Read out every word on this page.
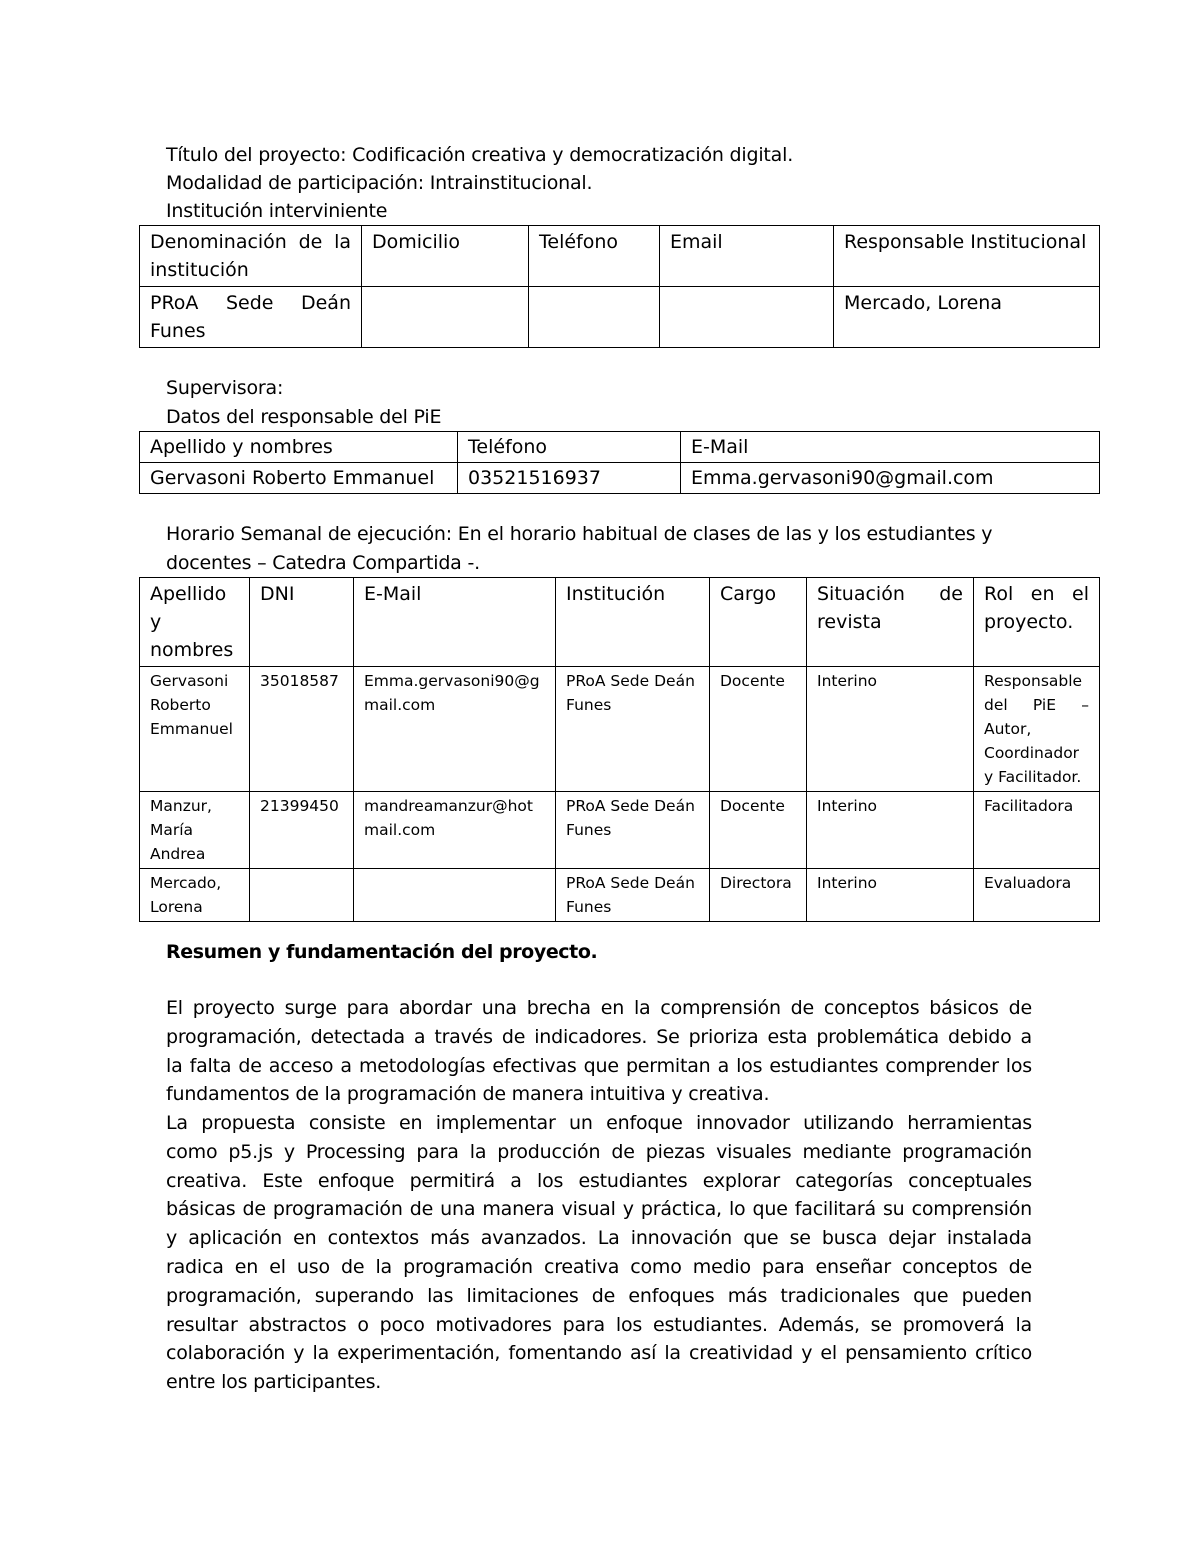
Título del proyecto: Codificación creativa y democratización digital.
Modalidad de participación: Intrainstitucional.
Institución interviniente
Denominación de la institución	Domicilio	Teléfono	Email	Responsable Institucional
PRoA Sede Deán Funes				Mercado, Lorena
Supervisora:
Datos del responsable del PiE
Apellido y nombres	Teléfono	E-Mail
Gervasoni Roberto Emmanuel	03521516937	Emma.gervasoni90@gmail.com
Horario Semanal de ejecución: En el horario habitual de clases de las y los estudiantes y
docentes – Catedra Compartida -.
Apellido y nombres	DNI	E-Mail	Institución	Cargo	Situación de revista	Rol en el proyecto.
Gervasoni Roberto Emmanuel	35018587	Emma.gervasoni90@gmail.com	PRoA Sede Deán Funes	Docente	Interino	Responsable del PiE – Autor, Coordinador y Facilitador.
Manzur, María Andrea	21399450	mandreamanzur@hotmail.com	PRoA Sede Deán Funes	Docente	Interino	Facilitadora
Mercado, Lorena			PRoA Sede Deán Funes	Directora	Interino	Evaluadora
Resumen y fundamentación del proyecto.
El proyecto surge para abordar una brecha en la comprensión de conceptos básicos de
programación, detectada a través de indicadores. Se prioriza esta problemática debido a
la falta de acceso a metodologías efectivas que permitan a los estudiantes comprender los
fundamentos de la programación de manera intuitiva y creativa.
La propuesta consiste en implementar un enfoque innovador utilizando herramientas
como p5.js y Processing para la producción de piezas visuales mediante programación
creativa. Este enfoque permitirá a los estudiantes explorar categorías conceptuales
básicas de programación de una manera visual y práctica, lo que facilitará su comprensión
y aplicación en contextos más avanzados. La innovación que se busca dejar instalada
radica en el uso de la programación creativa como medio para enseñar conceptos de
programación, superando las limitaciones de enfoques más tradicionales que pueden
resultar abstractos o poco motivadores para los estudiantes. Además, se promoverá la
colaboración y la experimentación, fomentando así la creatividad y el pensamiento crítico
entre los participantes.
